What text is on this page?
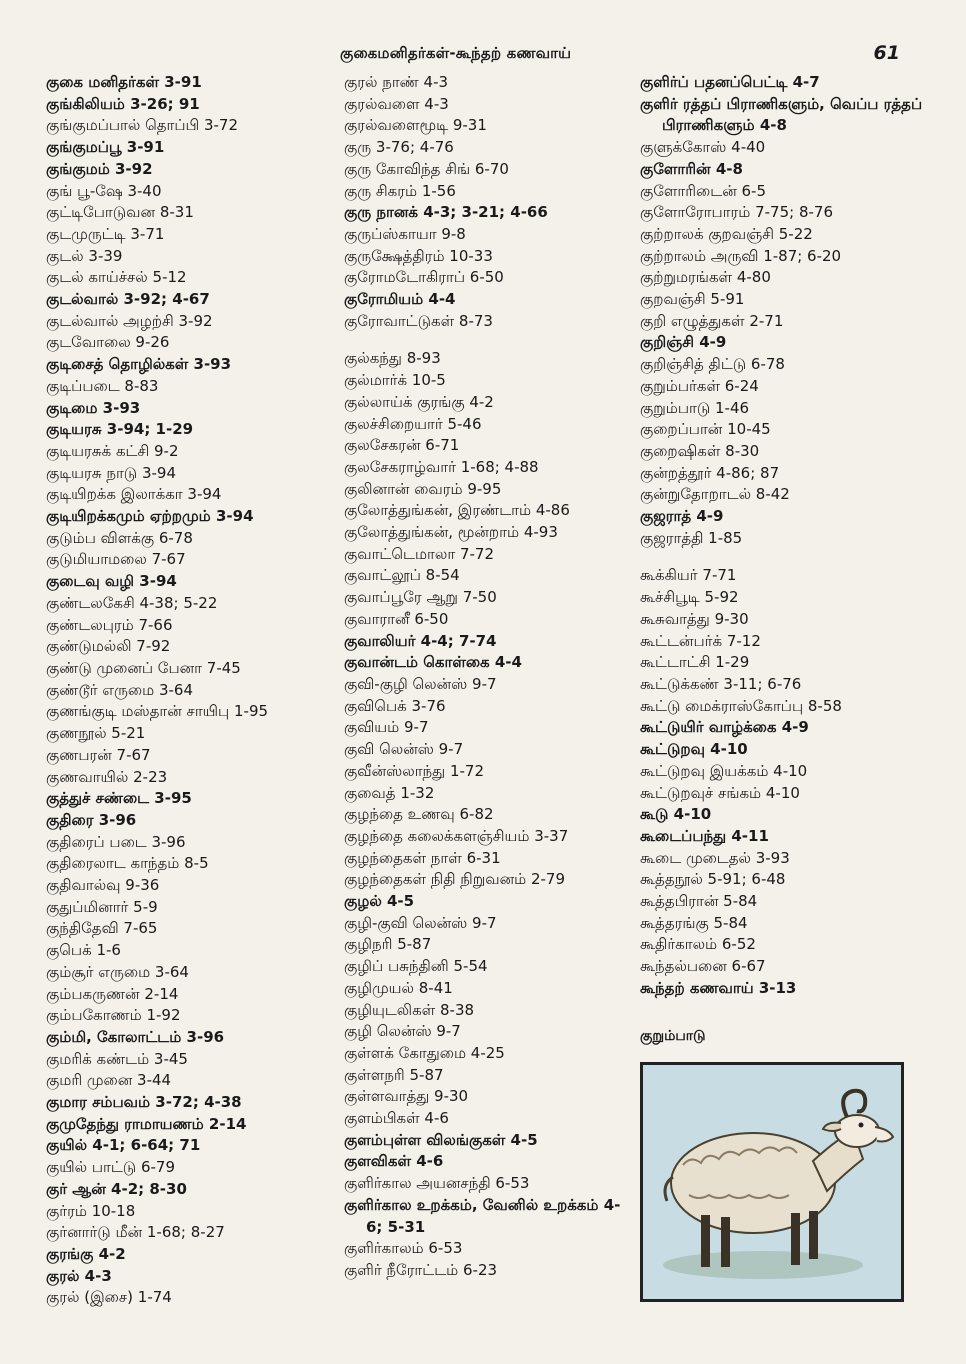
குகைமனிதர்கள்-கூந்தற் கணவாய்	61
குகை மனிதர்கள் 3-91
குங்கிலியம் 3-26; 91
குங்குமப்பால் தொப்பி 3-72
குங்குமப்பூ 3-91
குங்குமம் 3-92
குங் பூ-ஷே 3-40
குட்டிபோடுவன 8-31
குடமுருட்டி 3-71
குடல் 3-39
குடல் காய்ச்சல் 5-12
குடல்வால் 3-92; 4-67
குடல்வால் அழற்சி 3-92
குடவோலை 9-26
குடிசைத் தொழில்கள் 3-93
குடிப்படை 8-83
குடிமை 3-93
குடியரசு 3-94; 1-29
குடியரசுக் கட்சி 9-2
குடியரசு நாடு 3-94
குடியிறக்க இலாக்கா 3-94
குடியிறக்கமும் ஏற்றமும் 3-94
குடும்ப விளக்கு 6-78
குடுமியாமலை 7-67
குடைவு வழி 3-94
குண்டலகேசி 4-38; 5-22
குண்டலபுரம் 7-66
குண்டுமல்லி 7-92
குண்டு முனைப் பேனா 7-45
குண்டூர் எருமை 3-64
குணங்குடி மஸ்தான் சாயிபு 1-95
குணநூல் 5-21
குணபரன் 7-67
குணவாயில் 2-23
குத்துச் சண்டை 3-95
குதிரை 3-96
குதிரைப் படை 3-96
குதிரைலாட காந்தம் 8-5
குதிவால்வு 9-36
குதுப்மினார் 5-9
குந்திதேவி 7-65
குபெக் 1-6
கும்சூர் எருமை 3-64
கும்பகருணன் 2-14
கும்பகோணம் 1-92
கும்மி, கோலாட்டம் 3-96
குமரிக் கண்டம் 3-45
குமரி முனை 3-44
குமார சம்பவம் 3-72; 4-38
குமுதேந்து ராமாயணம் 2-14
குயில் 4-1; 6-64; 71
குயில் பாட்டு 6-79
குர் ஆன் 4-2; 8-30
குர்ரம் 10-18
குர்னார்டு மீன் 1-68; 8-27
குரங்கு 4-2
குரல் 4-3
குரல் (இசை) 1-74
குரல் நாண் 4-3
குரல்வளை 4-3
குரல்வளைமூடி 9-31
குரு 3-76; 4-76
குரு கோவிந்த சிங் 6-70
குரு சிகரம் 1-56
குரு நானக் 4-3; 3-21; 4-66
குருப்ஸ்காயா 9-8
குருக்ஷேத்திரம் 10-33
குரோமடோகிராப் 6-50
குரோமியம் 4-4
குரோவாட்டுகள் 8-73
குல்கந்து 8-93
குல்மார்க் 10-5
குல்லாய்க் குரங்கு 4-2
குலச்சிறையார் 5-46
குலசேகரன் 6-71
குலசேகராழ்வார் 1-68; 4-88
குலினான் வைரம் 9-95
குலோத்துங்கன், இரண்டாம் 4-86
குலோத்துங்கன், மூன்றாம் 4-93
குவாட்டெமாலா 7-72
குவாட்லூப் 8-54
குவாப்பூரே ஆறு 7-50
குவாரானீ 6-50
குவாலியர் 4-4; 7-74
குவான்டம் கொள்கை 4-4
குவி-குழி லென்ஸ் 9-7
குவிபெக் 3-76
குவியம் 9-7
குவி லென்ஸ் 9-7
குவீன்ஸ்லாந்து 1-72
குவைத் 1-32
குழந்தை உணவு 6-82
குழந்தை கலைக்களஞ்சியம் 3-37
குழந்தைகள் நாள் 6-31
குழந்தைகள் நிதி நிறுவனம் 2-79
குழல் 4-5
குழி-குவி லென்ஸ் 9-7
குழிநரி 5-87
குழிப் பசுந்தினி 5-54
குழிமுயல் 8-41
குழியுடலிகள் 8-38
குழி லென்ஸ் 9-7
குள்ளக் கோதுமை 4-25
குள்ளநரி 5-87
குள்ளவாத்து 9-30
குளம்பிகள் 4-6
குளம்புள்ள விலங்குகள் 4-5
குளவிகள் 4-6
குளிர்கால அயனசந்தி 6-53
குளிர்கால உறக்கம், வேனில் உறக்கம் 4-6; 5-31
குளிர்காலம் 6-53
குளிர் நீரோட்டம் 6-23
குளிர்ப் பதனப்பெட்டி 4-7
குளிர் ரத்தப் பிராணிகளும், வெப்ப ரத்தப் பிராணிகளும் 4-8
குளுக்கோஸ் 4-40
குளோரின் 4-8
குளோரிடைன் 6-5
குளோரோபாரம் 7-75; 8-76
குற்றாலக் குறவஞ்சி 5-22
குற்றாலம் அருவி 1-87; 6-20
குற்றுமரங்கள் 4-80
குறவஞ்சி 5-91
குறி எழுத்துகள் 2-71
குறிஞ்சி 4-9
குறிஞ்சித் திட்டு 6-78
குறும்பர்கள் 6-24
குறும்பாடு 1-46
குறைப்பான் 10-45
குறைஷிகள் 8-30
குன்றத்தூர் 4-86; 87
குன்றுதோறாடல் 8-42
குஜராத் 4-9
குஜராத்தி 1-85
கூக்கியர் 7-71
கூச்சிபூடி 5-92
கூசுவாத்து 9-30
கூட்டன்பர்க் 7-12
கூட்டாட்சி 1-29
கூட்டுக்கண் 3-11; 6-76
கூட்டு மைக்ராஸ்கோப்பு 8-58
கூட்டுயிர் வாழ்க்கை 4-9
கூட்டுறவு 4-10
கூட்டுறவு இயக்கம் 4-10
கூட்டுறவுச் சங்கம் 4-10
கூடு 4-10
கூடைப்பந்து 4-11
கூடை முடைதல் 3-93
கூத்தநூல் 5-91; 6-48
கூத்தபிரான் 5-84
கூத்தரங்கு 5-84
கூதிர்காலம் 6-52
கூந்தல்பனை 6-67
கூந்தற் கணவாய் 3-13
குறும்பாடு
